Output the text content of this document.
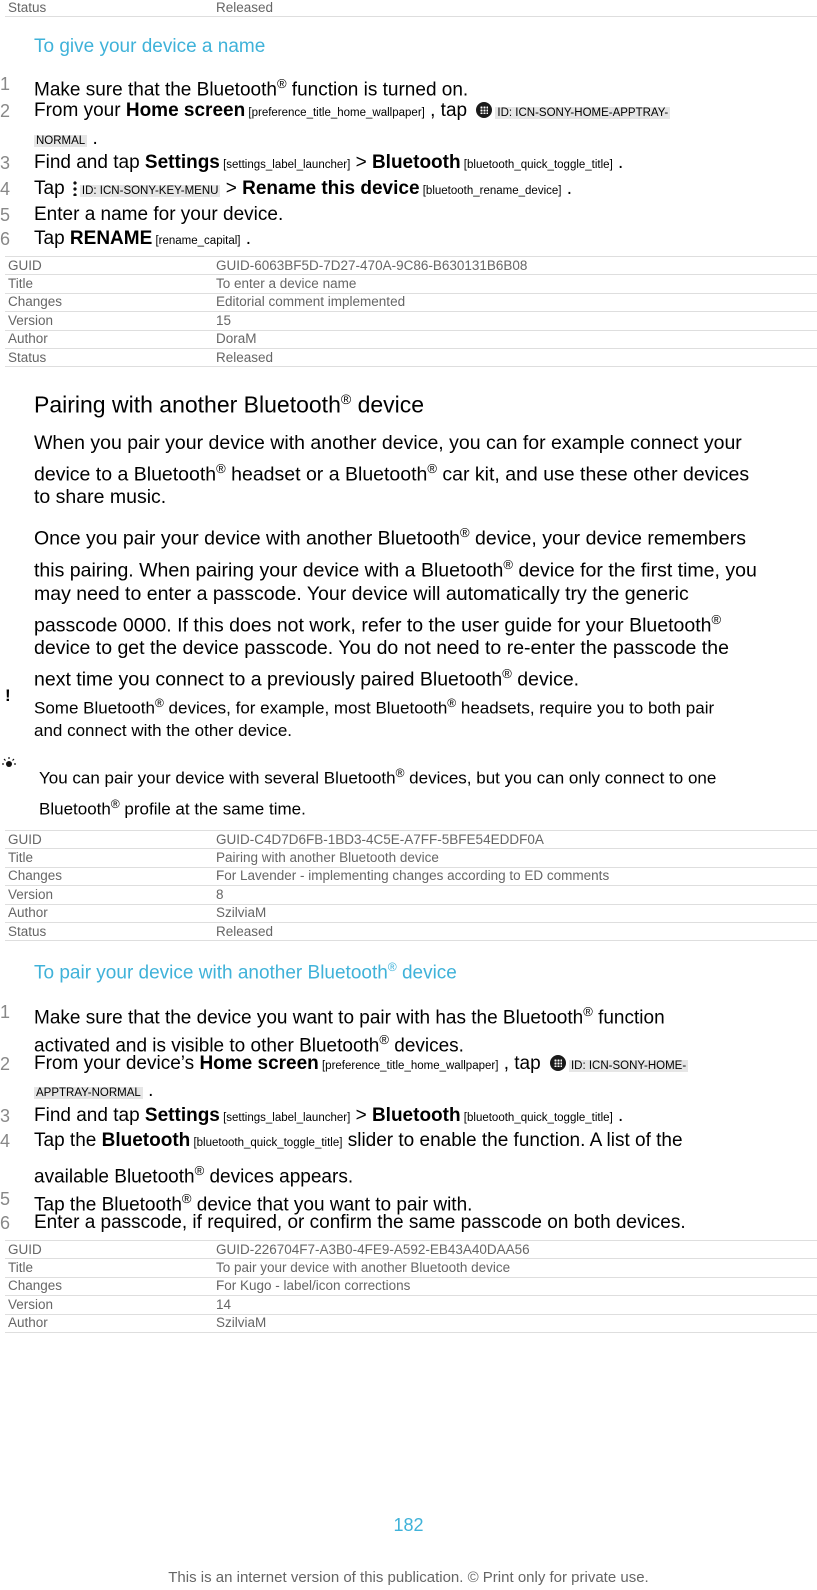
Status	Released
To give your device a name
1 Make sure that the Bluetooth® function is turned on.
2 From your Home screen [preference_title_home_wallpaper] , tap ID: ICN-SONY-HOME-APPTRAY-
NORMAL .
3 Find and tap Settings [settings_label_launcher] > Bluetooth [bluetooth_quick_toggle_title] .
4 Tap ID: ICN-SONY-KEY-MENU > Rename this device [bluetooth_rename_device] .
5 Enter a name for your device.
6 Tap RENAME [rename_capital] .
GUID	GUID-6063BF5D-7D27-470A-9C86-B630131B6B08
Title	To enter a device name
Changes	Editorial comment implemented
Version	15
Author	DoraM
Status	Released
Pairing with another Bluetooth® device
When you pair your device with another device, you can for example connect your
device to a Bluetooth® headset or a Bluetooth® car kit, and use these other devices
to share music.
Once you pair your device with another Bluetooth® device, your device remembers
this pairing. When pairing your device with a Bluetooth® device for the first time, you
may need to enter a passcode. Your device will automatically try the generic
passcode 0000. If this does not work, refer to the user guide for your Bluetooth®
device to get the device passcode. You do not need to re-enter the passcode the
next time you connect to a previously paired Bluetooth® device.
!
Some Bluetooth® devices, for example, most Bluetooth® headsets, require you to both pair
and connect with the other device.
You can pair your device with several Bluetooth® devices, but you can only connect to one
Bluetooth® profile at the same time.
GUID	GUID-C4D7D6FB-1BD3-4C5E-A7FF-5BFE54EDDF0A
Title	Pairing with another Bluetooth device
Changes	For Lavender - implementing changes according to ED comments
Version	8
Author	SzilviaM
Status	Released
To pair your device with another Bluetooth® device
1 Make sure that the device you want to pair with has the Bluetooth® function
activated and is visible to other Bluetooth® devices.
2 From your device’s Home screen [preference_title_home_wallpaper] , tap ID: ICN-SONY-HOME-
APPTRAY-NORMAL .
3 Find and tap Settings [settings_label_launcher] > Bluetooth [bluetooth_quick_toggle_title] .
4 Tap the Bluetooth [bluetooth_quick_toggle_title] slider to enable the function. A list of the
available Bluetooth® devices appears.
5 Tap the Bluetooth® device that you want to pair with.
6 Enter a passcode, if required, or confirm the same passcode on both devices.
GUID	GUID-226704F7-A3B0-4FE9-A592-EB43A40DAA56
Title	To pair your device with another Bluetooth device
Changes	For Kugo - label/icon corrections
Version	14
Author	SzilviaM
182
This is an internet version of this publication. © Print only for private use.
